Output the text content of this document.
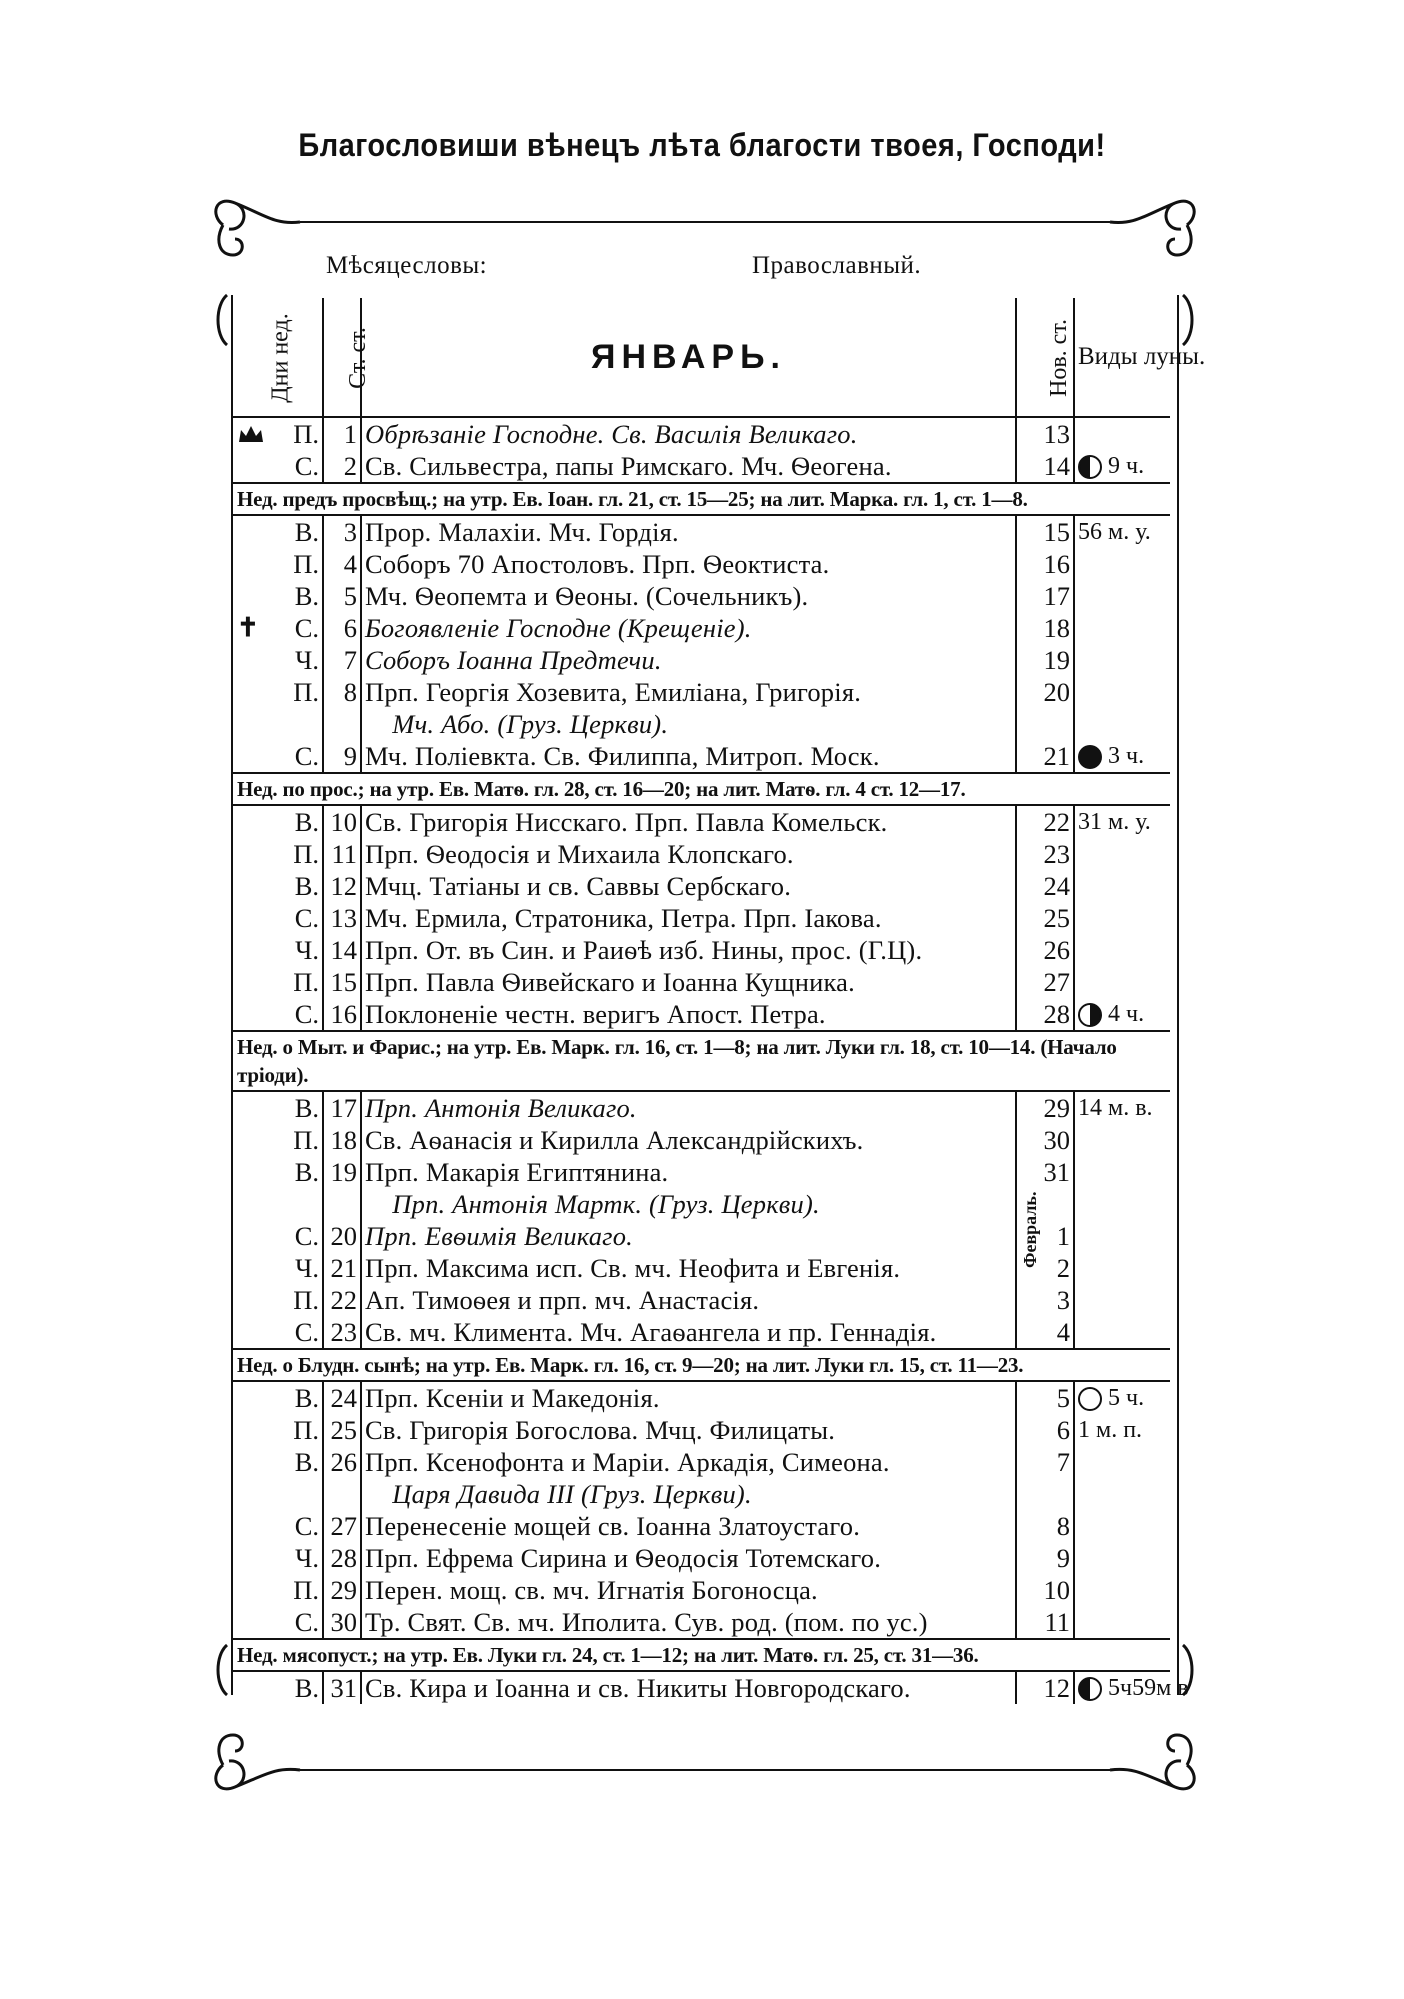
Благословиши вѣнецъ лѣта благости твоея, Господи!
Мѣсяцесловы:	Православный.
Дни нед.	Ст. ст.	ЯНВАРЬ.	Нов. ст.	Виды луны.

П.	1	Обрѣзаніе Господне. Св. Василія Великаго.	13	
С.	2	Св. Сильвестра, папы Римскаго. Мч. Ѳеогена.	14	9 ч.
Нед. предъ просвѣщ.; на утр. Ев. Іоан. гл. 21, ст. 15—25; на лит. Марка. гл. 1, ст. 1—8.				
В.	3	Прор. Малахіи. Мч. Гордія.	15	56 м. у.
П.	4	Соборъ 70 Апостоловъ. Прп. Ѳеоктиста.	16	
В.	5	Мч. Ѳеопемта и Ѳеоны. (Сочельникъ).	17	

✝ С.	6	Богоявленіе Господне (Крещеніе).	18	
Ч.	7	Соборъ Іоанна Предтечи.	19	
П.	8	Прп. Георгія Хозевита, Емиліана, Григорія.	20	
		Мч. Або. (Груз. Церкви).		
С.	9	Мч. Поліевкта. Св. Филиппа, Митроп. Моск.	21	3 ч.
Нед. по прос.; на утр. Ев. Матѳ. гл. 28, ст. 16—20; на лит. Матѳ. гл. 4 ст. 12—17.				
В.	10	Св. Григорія Нисскаго. Прп. Павла Комельск.	22	31 м. у.
П.	11	Прп. Ѳеодосія и Михаила Клопскаго.	23	
В.	12	Мчц. Татіаны и св. Саввы Сербскаго.	24	
С.	13	Мч. Ермила, Стратоника, Петра. Прп. Іакова.	25	
Ч.	14	Прп. От. въ Син. и Раиѳѣ изб. Нины, прос. (Г.Ц).	26	
П.	15	Прп. Павла Ѳивейскаго и Іоанна Кущника.	27	
С.	16	Поклоненіе честн. веригъ Апост. Петра.	28	4 ч.
Нед. о Мыт. и Фарис.; на утр. Ев. Марк. гл. 16, ст. 1—8; на лит. Луки гл. 18, ст. 10—14. (Начало тріоди).				
В.	17	Прп. Антонія Великаго.	29	14 м. в.
П.	18	Св. Аѳанасія и Кирилла Александрійскихъ.	30	
В.	19	Прп. Макарія Египтянина.	31	
		Прп. Антонія Мартк. (Груз. Церкви).		
С.	20	Прп. Евѳимія Великаго.	1	
Ч.	21	Прп. Максима исп. Св. мч. Неофита и Евгенія.	2	
П.	22	Ап. Тимоѳея и прп. мч. Анастасія.	3	
С.	23	Св. мч. Климента. Мч. Агаѳангела и пр. Геннадія.	4	
Нед. о Блудн. сынѣ; на утр. Ев. Марк. гл. 16, ст. 9—20; на лит. Луки гл. 15, ст. 11—23.				
В.	24	Прп. Ксеніи и Македонія.	5	5 ч.
П.	25	Св. Григорія Богослова. Мчц. Филицаты.	6	1 м. п.
В.	26	Прп. Ксенофонта и Маріи. Аркадія, Симеона.	7	
		Царя Давида III (Груз. Церкви).		
С.	27	Перенесеніе мощей св. Іоанна Златоустаго.	8	
Ч.	28	Прп. Ефрема Сирина и Ѳеодосія Тотемскаго.	9	
П.	29	Перен. мощ. св. мч. Игнатія Богоносца.	10	
С.	30	Тр. Свят. Св. мч. Иполита. Сув. род. (пом. по ус.)	11	
Нед. мясопуст.; на утр. Ев. Луки гл. 24, ст. 1—12; на лит. Матѳ. гл. 25, ст. 31—36.				
В.	31	Св. Кира и Іоанна и св. Никиты Новгородскаго.	12	5ч59м в
Февраль.
